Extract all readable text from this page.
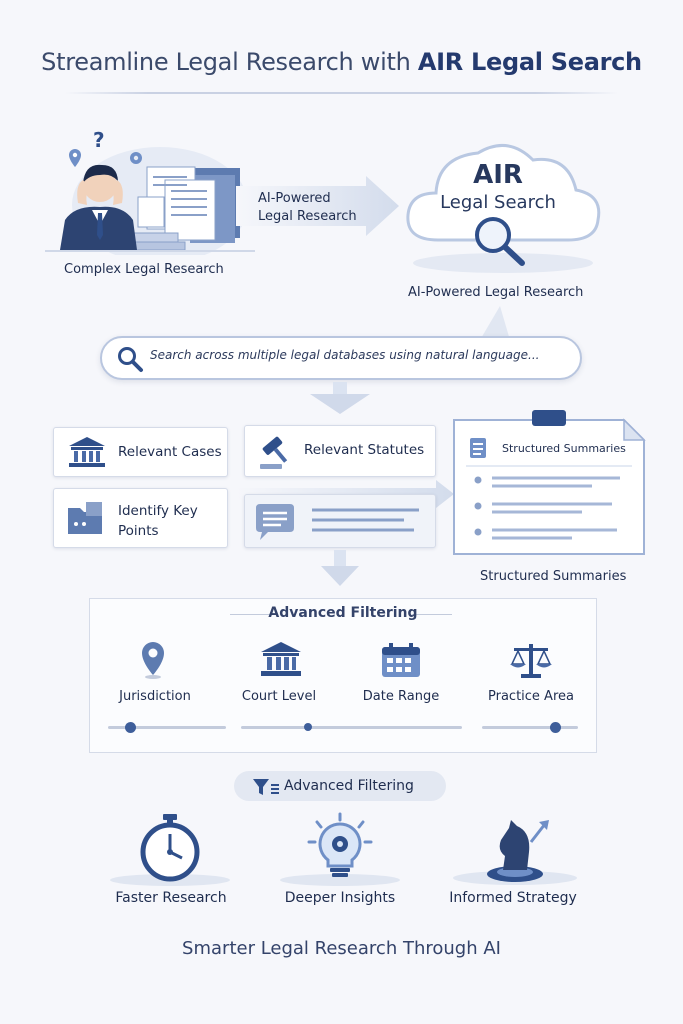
Streamline Legal Research with AIR Legal Search
?
Complex Legal Research
AI-Powered
Legal Research
AIR
Legal Search
AI-Powered Legal Research
Search across multiple legal databases using natural language...
Relevant Cases	Relevant Statutes
Identify Key
Points
Structured Summaries
Structured Summaries
Advanced Filtering
Jurisdiction	Court Level	Date Range	Practice Area
Advanced Filtering
Faster Research	Deeper Insights	Informed Strategy
Smarter Legal Research Through AI
